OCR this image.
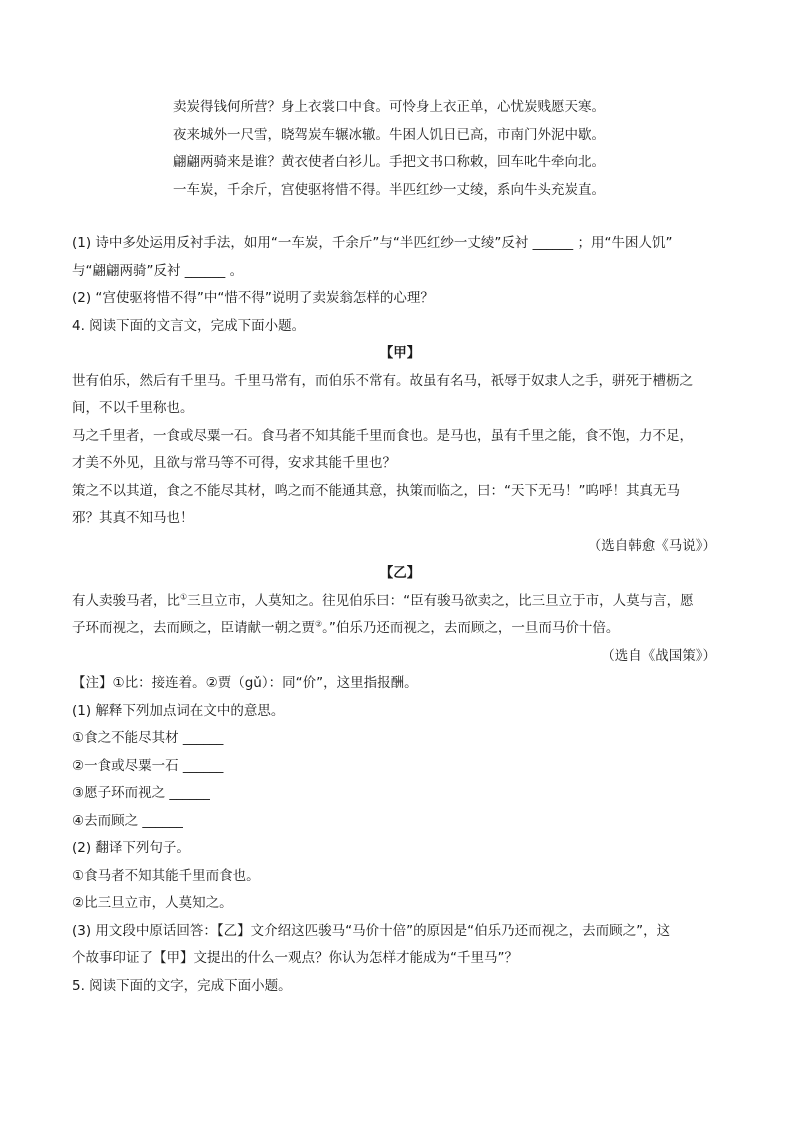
卖炭得钱何所营？身上衣裳口中食。可怜身上衣正单，心忧炭贱愿天寒。
夜来城外一尺雪，晓驾炭车辗冰辙。牛困人饥日已高，市南门外泥中歇。
翩翩两骑来是谁？黄衣使者白衫儿。手把文书口称敕，回车叱牛牵向北。
一车炭，千余斤，宫使驱将惜不得。半匹红纱一丈绫，系向牛头充炭直。
(1) 诗中多处运用反衬手法，如用“一车炭，千余斤”与“半匹红纱一丈绫”反衬 ______ ；用“牛困人饥”
与“翩翩两骑”反衬 ______ 。
(2) “宫使驱将惜不得”中“惜不得”说明了卖炭翁怎样的心理？
4. 阅读下面的文言文，完成下面小题。
【甲】
世有伯乐，然后有千里马。千里马常有，而伯乐不常有。故虽有名马，祇辱于奴隶人之手，骈死于槽枥之
间，不以千里称也。
马之千里者，一食或尽粟一石。食马者不知其能千里而食也。是马也，虽有千里之能，食不饱，力不足，
才美不外见，且欲与常马等不可得，安求其能千里也？
策之不以其道，食之不能尽其材，鸣之而不能通其意，执策而临之，曰：“天下无马！”呜呼！其真无马
邪？其真不知马也！
（选自韩愈《马说》）
【乙】
有人卖骏马者，比①三旦立市，人莫知之。往见伯乐曰：“臣有骏马欲卖之，比三旦立于市，人莫与言，愿
子环而视之，去而顾之，臣请献一朝之贾②。”伯乐乃还而视之，去而顾之，一旦而马价十倍。
（选自《战国策》）
【注】①比：接连着。②贾（gǔ）：同“价”，这里指报酬。
(1) 解释下列加点词在文中的意思。
①食之不能尽其材 ______
②一食或尽粟一石 ______
③愿子环而视之 ______
④去而顾之 ______
(2) 翻译下列句子。
①食马者不知其能千里而食也。
②比三旦立市，人莫知之。
(3) 用文段中原话回答：【乙】文介绍这匹骏马“马价十倍”的原因是“伯乐乃还而视之，去而顾之”，这
个故事印证了【甲】文提出的什么一观点？你认为怎样才能成为“千里马”？
5. 阅读下面的文字，完成下面小题。
